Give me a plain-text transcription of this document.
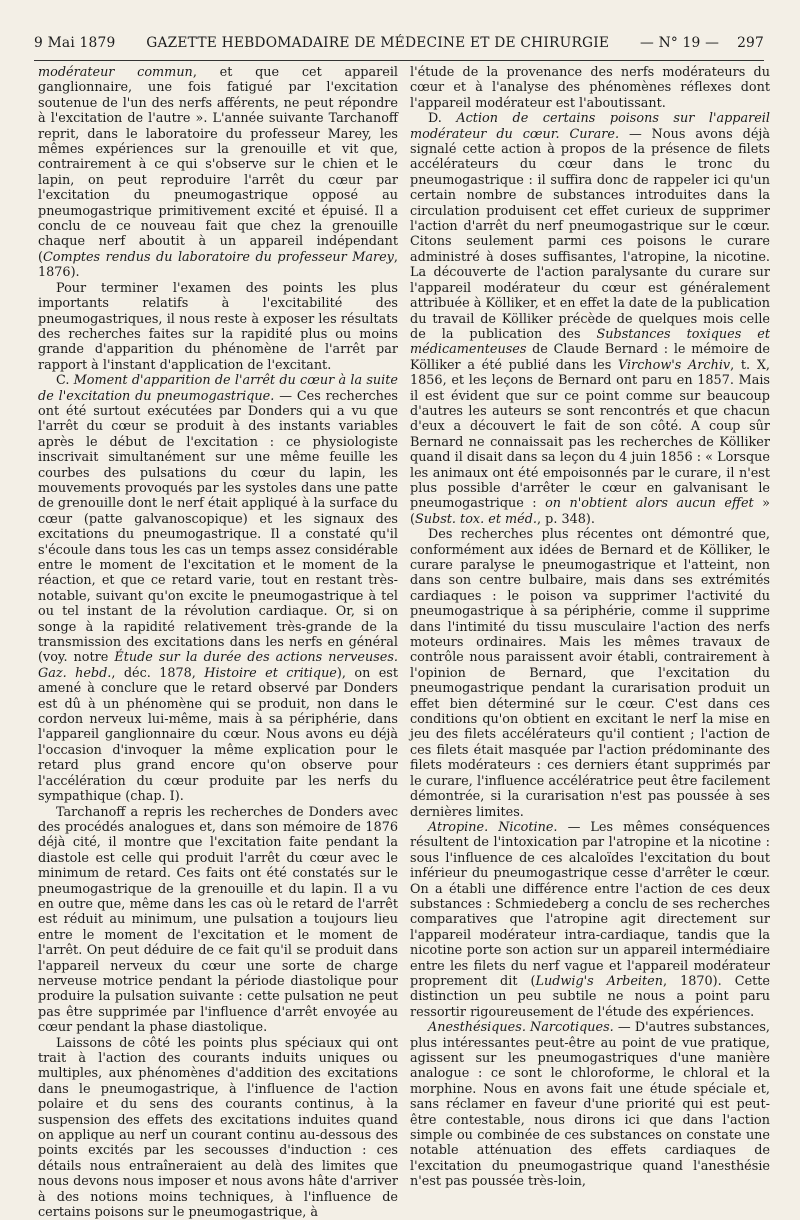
9 Mai 1879	GAZETTE HEBDOMADAIRE DE MÉDECINE ET DE CHIRURGIE	— N° 19 — 297

modérateur commun, et que cet appareil ganglionnaire, une fois fatigué par l'excitation soutenue de l'un des nerfs afférents, ne peut répondre à l'excitation de l'autre ». L'année suivante Tarchanoff reprit, dans le laboratoire du professeur Marey, les mêmes expériences sur la grenouille et vit que, contrairement à ce qui s'observe sur le chien et le lapin, on peut reproduire l'arrêt du cœur par l'excitation du pneumogastrique opposé au pneumogastrique primitivement excité et épuisé. Il a conclu de ce nouveau fait que chez la grenouille chaque nerf aboutit à un appareil indépendant (Comptes rendus du laboratoire du professeur Marey, 1876).

Pour terminer l'examen des points les plus importants relatifs à l'excitabilité des pneumogastriques, il nous reste à exposer les résultats des recherches faites sur la rapidité plus ou moins grande d'apparition du phénomène de l'arrêt par rapport à l'instant d'application de l'excitant.

C. Moment d'apparition de l'arrêt du cœur à la suite de l'excitation du pneumogastrique. — Ces recherches ont été surtout exécutées par Donders qui a vu que l'arrêt du cœur se produit à des instants variables après le début de l'excitation : ce physiologiste inscrivait simultanément sur une même feuille les courbes des pulsations du cœur du lapin, les mouvements provoqués par les systoles dans une patte de grenouille dont le nerf était appliqué à la surface du cœur (patte galvanoscopique) et les signaux des excitations du pneumogastrique. Il a constaté qu'il s'écoule dans tous les cas un temps assez considérable entre le moment de l'excitation et le moment de la réaction, et que ce retard varie, tout en restant très-notable, suivant qu'on excite le pneumogastrique à tel ou tel instant de la révolution cardiaque. Or, si on songe à la rapidité relativement très-grande de la transmission des excitations dans les nerfs en général (voy. notre Étude sur la durée des actions nerveuses. Gaz. hebd., déc. 1878, Histoire et critique), on est amené à conclure que le retard observé par Donders est dû à un phénomène qui se produit, non dans le cordon nerveux lui-même, mais à sa périphérie, dans l'appareil ganglionnaire du cœur. Nous avons eu déjà l'occasion d'invoquer la même explication pour le retard plus grand encore qu'on observe pour l'accélération du cœur produite par les nerfs du sympathique (chap. I).

Tarchanoff a repris les recherches de Donders avec des procédés analogues et, dans son mémoire de 1876 déjà cité, il montre que l'excitation faite pendant la diastole est celle qui produit l'arrêt du cœur avec le minimum de retard. Ces faits ont été constatés sur le pneumogastrique de la grenouille et du lapin. Il a vu en outre que, même dans les cas où le retard de l'arrêt est réduit au minimum, une pulsation a toujours lieu entre le moment de l'excitation et le moment de l'arrêt. On peut déduire de ce fait qu'il se produit dans l'appareil nerveux du cœur une sorte de charge nerveuse motrice pendant la période diastolique pour produire la pulsation suivante : cette pulsation ne peut pas être supprimée par l'influence d'arrêt envoyée au cœur pendant la phase diastolique.

Laissons de côté les points plus spéciaux qui ont trait à l'action des courants induits uniques ou multiples, aux phénomènes d'addition des excitations dans le pneumogastrique, à l'influence de l'action polaire et du sens des courants continus, à la suspension des effets des excitations induites quand on applique au nerf un courant continu au-dessous des points excités par les secousses d'induction : ces détails nous entraîneraient au delà des limites que nous devons nous imposer et nous avons hâte d'arriver à des notions moins techniques, à l'influence de certains poisons sur le pneumogastrique, à

l'étude de la provenance des nerfs modérateurs du cœur et à l'analyse des phénomènes réflexes dont l'appareil modérateur est l'aboutissant.

D. Action de certains poisons sur l'appareil modérateur du cœur. Curare. — Nous avons déjà signalé cette action à propos de la présence de filets accélérateurs du cœur dans le tronc du pneumogastrique : il suffira donc de rappeler ici qu'un certain nombre de substances introduites dans la circulation produisent cet effet curieux de supprimer l'action d'arrêt du nerf pneumogastrique sur le cœur. Citons seulement parmi ces poisons le curare administré à doses suffisantes, l'atropine, la nicotine. La découverte de l'action paralysante du curare sur l'appareil modérateur du cœur est généralement attribuée à Kölliker, et en effet la date de la publication du travail de Kölliker précède de quelques mois celle de la publication des Substances toxiques et médicamenteuses de Claude Bernard : le mémoire de Kölliker a été publié dans les Virchow's Archiv, t. X, 1856, et les leçons de Bernard ont paru en 1857. Mais il est évident que sur ce point comme sur beaucoup d'autres les auteurs se sont rencontrés et que chacun d'eux a découvert le fait de son côté. A coup sûr Bernard ne connaissait pas les recherches de Kölliker quand il disait dans sa leçon du 4 juin 1856 : « Lorsque les animaux ont été empoisonnés par le curare, il n'est plus possible d'arrêter le cœur en galvanisant le pneumogastrique : on n'obtient alors aucun effet » (Subst. tox. et méd., p. 348).

Des recherches plus récentes ont démontré que, conformément aux idées de Bernard et de Kölliker, le curare paralyse le pneumogastrique et l'atteint, non dans son centre bulbaire, mais dans ses extrémités cardiaques : le poison va supprimer l'activité du pneumogastrique à sa périphérie, comme il supprime dans l'intimité du tissu musculaire l'action des nerfs moteurs ordinaires. Mais les mêmes travaux de contrôle nous paraissent avoir établi, contrairement à l'opinion de Bernard, que l'excitation du pneumogastrique pendant la curarisation produit un effet bien déterminé sur le cœur. C'est dans ces conditions qu'on obtient en excitant le nerf la mise en jeu des filets accélérateurs qu'il contient ; l'action de ces filets était masquée par l'action prédominante des filets modérateurs : ces derniers étant supprimés par le curare, l'influence accélératrice peut être facilement démontrée, si la curarisation n'est pas poussée à ses dernières limites.

Atropine. Nicotine. — Les mêmes conséquences résultent de l'intoxication par l'atropine et la nicotine : sous l'influence de ces alcaloïdes l'excitation du bout inférieur du pneumogastrique cesse d'arrêter le cœur. On a établi une différence entre l'action de ces deux substances : Schmiedeberg a conclu de ses recherches comparatives que l'atropine agit directement sur l'appareil modérateur intra-cardiaque, tandis que la nicotine porte son action sur un appareil intermédiaire entre les filets du nerf vague et l'appareil modérateur proprement dit (Ludwig's Arbeiten, 1870). Cette distinction un peu subtile ne nous a point paru ressortir rigoureusement de l'étude des expériences.

Anesthésiques. Narcotiques. — D'autres substances, plus intéressantes peut-être au point de vue pratique, agissent sur les pneumogastriques d'une manière analogue : ce sont le chloroforme, le chloral et la morphine. Nous en avons fait une étude spéciale et, sans réclamer en faveur d'une priorité qui est peut-être contestable, nous dirons ici que dans l'action simple ou combinée de ces substances on constate une notable atténuation des effets cardiaques de l'excitation du pneumogastrique quand l'anesthésie n'est pas poussée très-loin,
